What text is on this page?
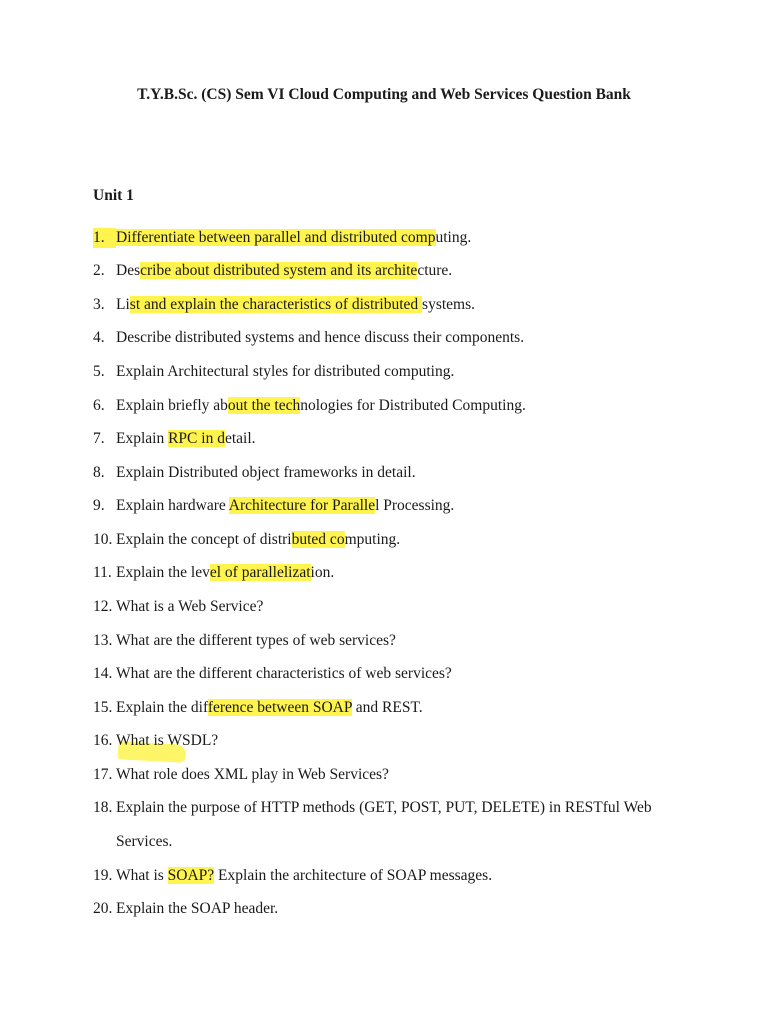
T.Y.B.Sc. (CS) Sem VI Cloud Computing and Web Services Question Bank
Unit 1
1. Differentiate between parallel and distributed computing.
2. Describe about distributed system and its architecture.
3. List and explain the characteristics of distributed systems.
4. Describe distributed systems and hence discuss their components.
5. Explain Architectural styles for distributed computing.
6. Explain briefly about the technologies for Distributed Computing.
7. Explain RPC in detail.
8. Explain Distributed object frameworks in detail.
9. Explain hardware Architecture for Parallel Processing.
10. Explain the concept of distributed computing.
11. Explain the level of parallelization.
12. What is a Web Service?
13. What are the different types of web services?
14. What are the different characteristics of web services?
15. Explain the difference between SOAP and REST.
16. What is WSDL?
17. What role does XML play in Web Services?
18. Explain the purpose of HTTP methods (GET, POST, PUT, DELETE) in RESTful Web
Services.
19. What is SOAP? Explain the architecture of SOAP messages.
20. Explain the SOAP header.
